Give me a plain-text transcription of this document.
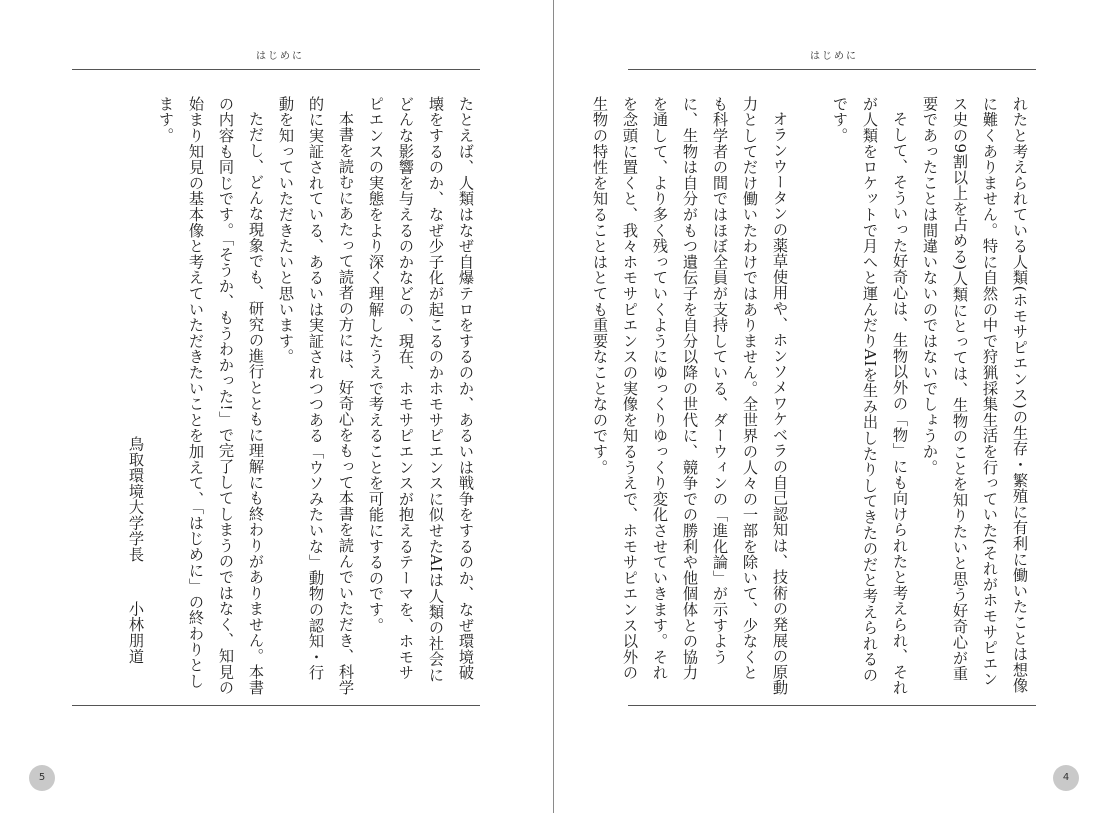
はじめに

たとえば、人類はなぜ自爆テロをするのか、あるいは戦争をするのか、なぜ環境破壊をするのか、なぜ少子化が起こるのかホモサピエンスに似せたAIは人類の社会にどんな影響を与えるのかなどの、現在、ホモサピエンスが抱えるテーマを、ホモサピエンスの実態をより深く理解したうえで考えることを可能にするのです。

本書を読むにあたって読者の方には、好奇心をもって本書を読んでいただき、科学的に実証されている、あるいは実証されつつある「ウソみたいな」動物の認知・行動を知っていただきたいと思います。

ただし、どんな現象でも、研究の進行とともに理解にも終わりがありません。本書の内容も同じです。「そうか、もうわかった!」で完了してしまうのではなく、知見の始まり知見の基本像と考えていただきたいことを加えて、「はじめに」の終わりとします。

鳥取環境大学学長　小林朋道

5
はじめに

れたと考えられている人類(ホモサピエンス)の生存・繁殖に有利に働いたことは想像に難くありません。特に自然の中で狩猟採集生活を行っていた(それがホモサピエンス史の9割以上を占める)人類にとっては、生物のことを知りたいと思う好奇心が重要であったことは間違いないのではないでしょうか。

そして、そういった好奇心は、生物以外の「物」にも向けられたと考えられ、それが人類をロケットで月へと運んだりAIを生み出したりしてきたのだと考えられるのです。

オランウータンの薬草使用や、ホンソメワケベラの自己認知は、技術の発展の原動力としてだけ働いたわけではありません。全世界の人々の一部を除いて、少なくとも科学者の間ではほぼ全員が支持している、ダーウィンの「進化論」が示すように、生物は自分がもつ遺伝子を自分以降の世代に、競争での勝利や他個体との協力を通して、より多く残っていくようにゆっくりゆっくり変化させていきます。それを念頭に置くと、我々ホモサピエンスの実像を知るうえで、ホモサピエンス以外の生物の特性を知ることはとても重要なことなのです。

4
